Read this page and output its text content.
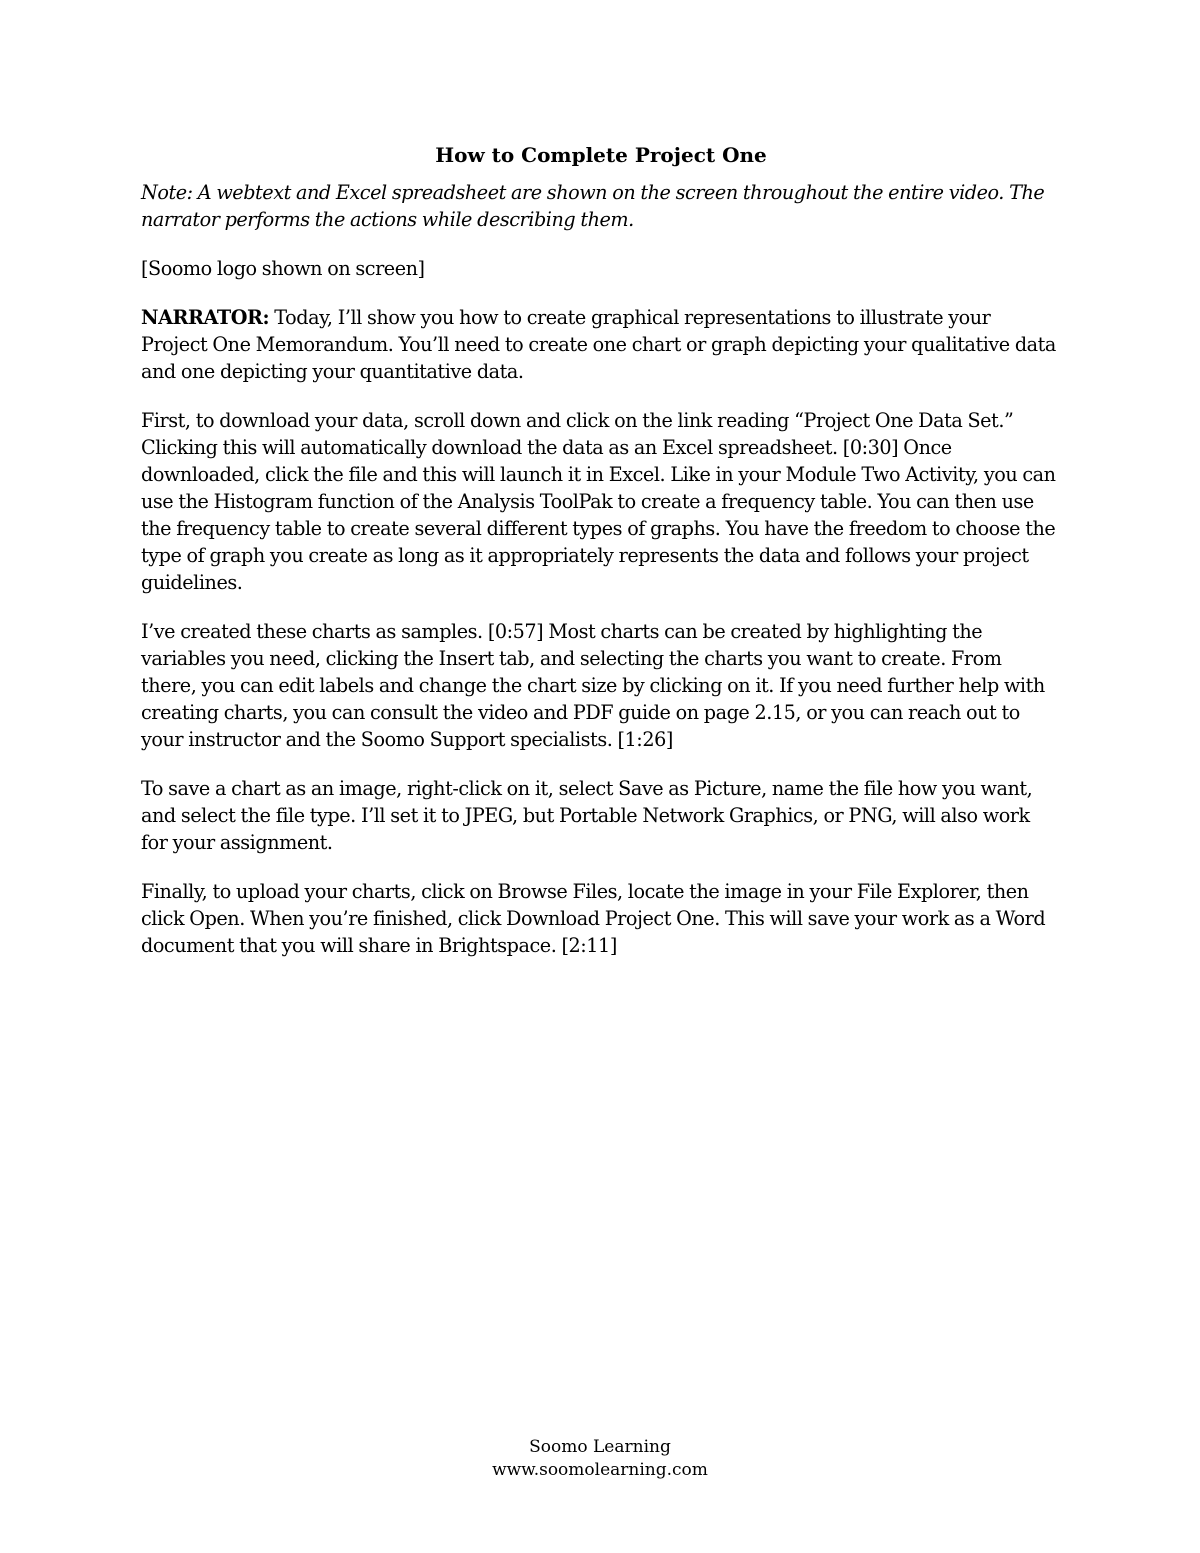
How to Complete Project One

Note: A webtext and Excel spreadsheet are shown on the screen throughout the entire video. The narrator performs the actions while describing them.

[Soomo logo shown on screen]

NARRATOR: Today, I’ll show you how to create graphical representations to illustrate your Project One Memorandum. You’ll need to create one chart or graph depicting your qualitative data and one depicting your quantitative data.

First, to download your data, scroll down and click on the link reading “Project One Data Set.” Clicking this will automatically download the data as an Excel spreadsheet. [0:30] Once downloaded, click the file and this will launch it in Excel. Like in your Module Two Activity, you can use the Histogram function of the Analysis ToolPak to create a frequency table. You can then use the frequency table to create several different types of graphs. You have the freedom to choose the type of graph you create as long as it appropriately represents the data and follows your project guidelines.

I’ve created these charts as samples. [0:57] Most charts can be created by highlighting the variables you need, clicking the Insert tab, and selecting the charts you want to create. From there, you can edit labels and change the chart size by clicking on it. If you need further help with creating charts, you can consult the video and PDF guide on page 2.15, or you can reach out to your instructor and the Soomo Support specialists. [1:26]

To save a chart as an image, right-click on it, select Save as Picture, name the file how you want, and select the file type. I’ll set it to JPEG, but Portable Network Graphics, or PNG, will also work for your assignment.

Finally, to upload your charts, click on Browse Files, locate the image in your File Explorer, then click Open. When you’re finished, click Download Project One. This will save your work as a Word document that you will share in Brightspace. [2:11]

Soomo Learning
www.soomolearning.com
